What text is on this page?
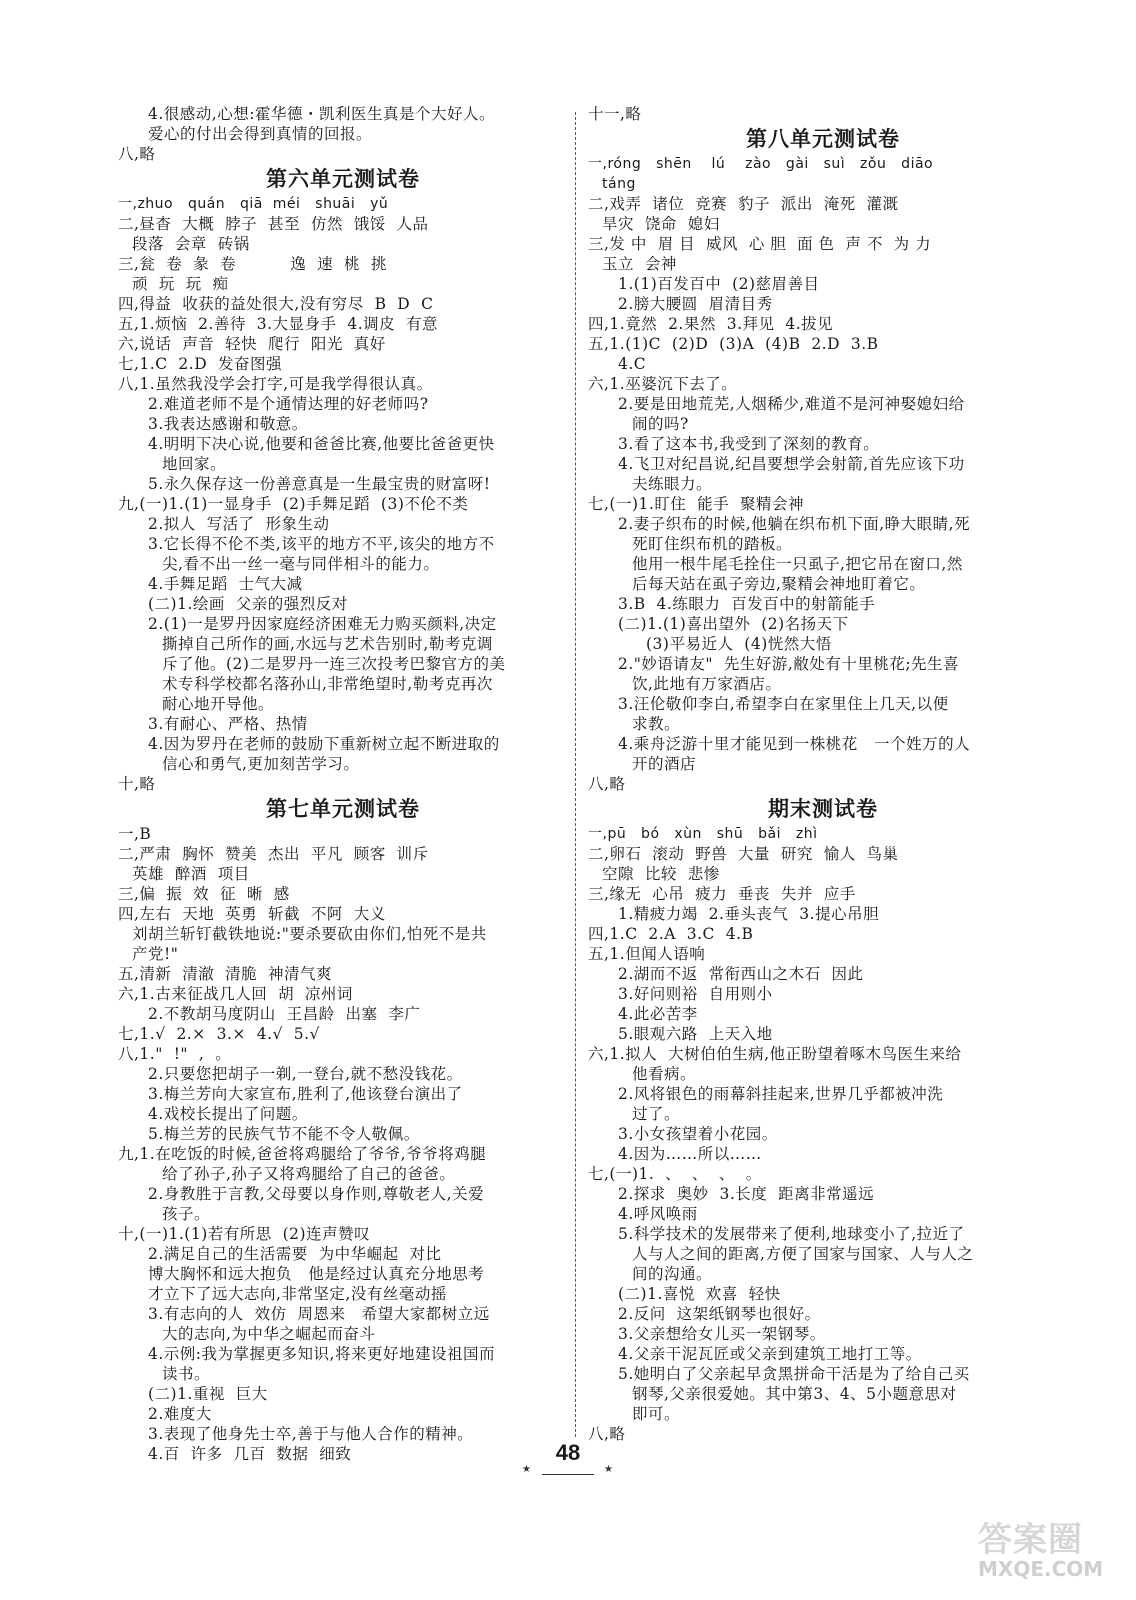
4.很感动,心想:霍华德・凯利医生真是个大好人。
爱心的付出会得到真情的回报。
八,略
第六单元测试卷
一,zhuo   quán   qiā  méi   shuāi   yǔ
二,昼杳  大概  脖子  甚至  仿然  饿馁  人品
段落  会章  砖锅
三,瓮  卷  彖  卷          逸  速  桃  挑
顽  玩  玩  痴
四,得益  收获的益处很大,没有穷尽  B  D  C
五,1.烦恼  2.善待  3.大显身手  4.调皮  有意
六,说话  声音  轻快  爬行  阳光  真好
七,1.C  2.D  发奋图强
八,1.虽然我没学会打字,可是我学得很认真。
2.难道老师不是个通情达理的好老师吗?
3.我表达感谢和敬意。
4.明明下决心说,他要和爸爸比赛,他要比爸爸更快
地回家。
5.永久保存这一份善意真是一生最宝贵的财富呀!
九,(一)1.(1)一显身手  (2)手舞足蹈  (3)不伦不类
2.拟人  写活了  形象生动
3.它长得不伦不类,该平的地方不平,该尖的地方不
尖,看不出一丝一毫与同伴相斗的能力。
4.手舞足蹈  士气大减
(二)1.绘画  父亲的强烈反对
2.(1)一是罗丹因家庭经济困难无力购买颜料,决定
撕掉自己所作的画,水远与艺术告别时,勒考克调
斥了他。(2)二是罗丹一连三次投考巴黎官方的美
术专科学校都名落孙山,非常绝望时,勒考克再次
耐心地开导他。
3.有耐心、严格、热情
4.因为罗丹在老师的鼓励下重新树立起不断进取的
信心和勇气,更加刻苦学习。
十,略
第七单元测试卷
一,B
二,严肃  胸怀  赞美  杰出  平凡  顾客  训斥
英雄  醉酒  项目
三,偏  振  效  征  晰  感
四,左右  天地  英勇  斩截  不阿  大义
刘胡兰斩钉截铁地说:"要杀要砍由你们,怕死不是共
产党!"
五,清新  清澈  清脆  神清气爽
六,1.古来征战几人回  胡  凉州词
2.不教胡马度阴山  王昌龄  出塞  李广
七,1.√  2.×  3.×  4.√  5.√
八,1."  !"  ,  。
2.只要您把胡子一剃,一登台,就不愁没钱花。
3.梅兰芳向大家宣布,胜利了,他该登台演出了
4.戏校长提出了问题。
5.梅兰芳的民族气节不能不令人敬佩。
九,1.在吃饭的时候,爸爸将鸡腿给了爷爷,爷爷将鸡腿
给了孙子,孙子又将鸡腿给了自己的爸爸。
2.身教胜于言教,父母要以身作则,尊敬老人,关爱
孩子。
十,(一)1.(1)若有所思  (2)连声赞叹
2.满足自己的生活需要  为中华崛起  对比
博大胸怀和远大抱负   他是经过认真充分地思考
才立下了远大志向,非常坚定,没有丝毫动摇
3.有志向的人  效仿  周恩来   希望大家都树立远
大的志向,为中华之崛起而奋斗
4.示例:我为掌握更多知识,将来更好地建设祖国而
读书。
(二)1.重视  巨大
2.难度大
3.表现了他身先士卒,善于与他人合作的精神。
4.百  许多  几百  数据  细致
十一,略
第八单元测试卷
一,róng   shēn    lú    zào   gài   suì   zǒu   diāo
táng
二,戏弄  诸位  竞赛  豹子  派出  淹死  灌溉
旱灾  饶命  媳妇
三,发 中  眉 目  威风  心 胆  面 色  声 不  为 力
玉立  会神
1.(1)百发百中  (2)慈眉善目
2.膀大腰圆  眉清目秀
四,1.竟然  2.果然  3.拜见  4.拔见
五,1.(1)C  (2)D  (3)A  (4)B  2.D  3.B
4.C
六,1.巫婆沉下去了。
2.要是田地荒芜,人烟稀少,难道不是河神娶媳妇给
闹的吗?
3.看了这本书,我受到了深刻的教育。
4.飞卫对纪昌说,纪昌要想学会射箭,首先应该下功
夫练眼力。
七,(一)1.盯住  能手  聚精会神
2.妻子织布的时候,他躺在织布机下面,睁大眼睛,死
死盯住织布机的踏板。
他用一根牛尾毛拴住一只虱子,把它吊在窗口,然
后每天站在虱子旁边,聚精会神地盯着它。
3.B  4.练眼力  百发百中的射箭能手
(二)1.(1)喜出望外  (2)名扬天下
(3)平易近人  (4)恍然大悟
2."妙语请友"  先生好游,敝处有十里桃花;先生喜
饮,此地有万家酒店。
3.汪伦敬仰李白,希望李白在家里住上几天,以便
求教。
4.乘舟泛游十里才能见到一株桃花   一个姓万的人
开的酒店
八,略
期末测试卷
一,pū   bó   xùn   shū   bǎi   zhì
二,卵石  滚动  野兽  大量  研究  愉人  鸟巢
空隙  比较  悲惨
三,缘无  心吊  疲力  垂丧  失并  应手
1.精疲力竭  2.垂头丧气  3.提心吊胆
四,1.C  2.A  3.C  4.B
五,1.但闻人语响
2.湖而不返  常衔西山之木石  因此
3.好问则裕  自用则小
4.此必苦李
5.眼观六路  上天入地
六,1.拟人  大树伯伯生病,他正盼望着啄木鸟医生来给
他看病。
2.风将银色的雨幕斜挂起来,世界几乎都被冲洗
过了。
3.小女孩望着小花园。
4.因为……所以……
七,(一)1.  、  、  、  。
2.探求  奥妙  3.长度  距离非常遥远
4.呼风唤雨
5.科学技术的发展带来了便利,地球变小了,拉近了
人与人之间的距离,方便了国家与国家、人与人之
间的沟通。
(二)1.喜悦  欢喜  轻快
2.反问  这架纸钢琴也很好。
3.父亲想给女儿买一架钢琴。
4.父亲干泥瓦匠或父亲到建筑工地打工等。
5.她明白了父亲起早贪黑拼命干活是为了给自己买
钢琴,父亲很爱她。其中第3、4、5小题意思对
即可。
八,略
★
48
★
答案圈
MXQE.COM
